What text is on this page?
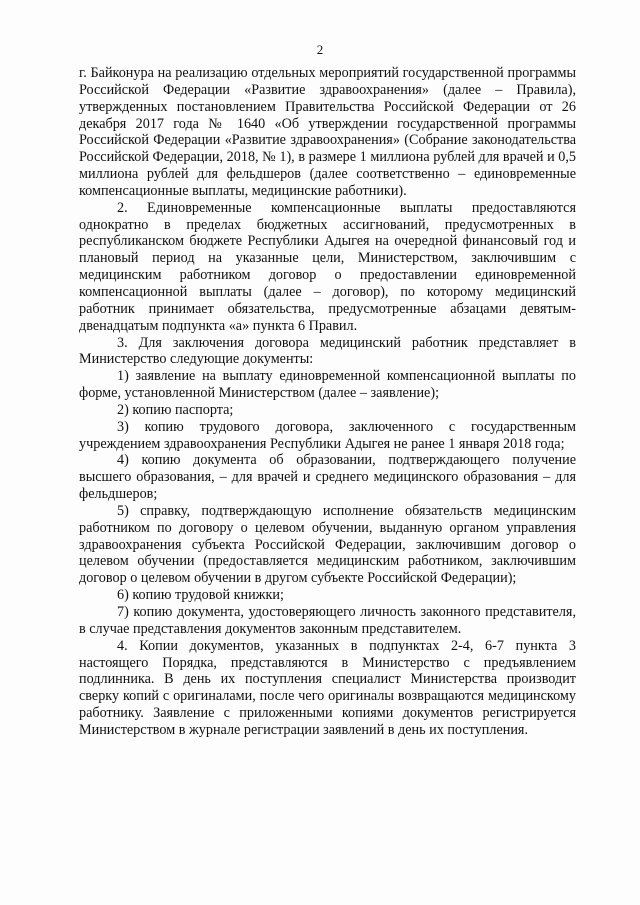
2

г. Байконура на реализацию отдельных мероприятий государственной программы Российской Федерации «Развитие здравоохранения» (далее – Правила), утвержденных постановлением Правительства Российской Федерации от 26 декабря 2017 года № 1640 «Об утверждении государственной программы Российской Федерации «Развитие здравоохранения» (Собрание законодательства Российской Федерации, 2018, № 1), в размере 1 миллиона рублей для врачей и 0,5 миллиона рублей для фельдшеров (далее соответственно – единовременные компенсационные выплаты, медицинские работники).

2. Единовременные компенсационные выплаты предоставляются однократно в пределах бюджетных ассигнований, предусмотренных в республиканском бюджете Республики Адыгея на очередной финансовый год и плановый период на указанные цели, Министерством, заключившим с медицинским работником договор о предоставлении единовременной компенсационной выплаты (далее – договор), по которому медицинский работник принимает обязательства, предусмотренные абзацами девятым-двенадцатым подпункта «а» пункта 6 Правил.

3. Для заключения договора медицинский работник представляет в Министерство следующие документы:

1) заявление на выплату единовременной компенсационной выплаты по форме, установленной Министерством (далее – заявление);

2) копию паспорта;

3) копию трудового договора, заключенного с государственным учреждением здравоохранения Республики Адыгея не ранее 1 января 2018 года;

4) копию документа об образовании, подтверждающего получение высшего образования, – для врачей и среднего медицинского образования – для фельдшеров;

5) справку, подтверждающую исполнение обязательств медицинским работником по договору о целевом обучении, выданную органом управления здравоохранения субъекта Российской Федерации, заключившим договор о целевом обучении (предоставляется медицинским работником, заключившим договор о целевом обучении в другом субъекте Российской Федерации);

6) копию трудовой книжки;

7) копию документа, удостоверяющего личность законного представителя, в случае представления документов законным представителем.

4. Копии документов, указанных в подпунктах 2-4, 6-7 пункта 3 настоящего Порядка, представляются в Министерство с предъявлением подлинника. В день их поступления специалист Министерства производит сверку копий с оригиналами, после чего оригиналы возвращаются медицинскому работнику. Заявление с приложенными копиями документов регистрируется Министерством в журнале регистрации заявлений в день их поступления.
